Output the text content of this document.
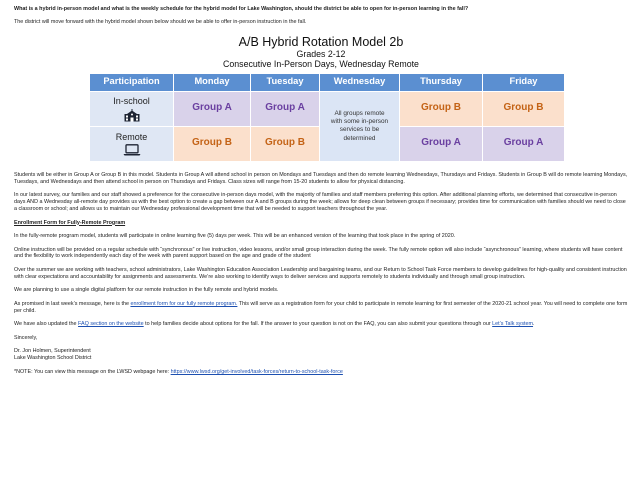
What is a hybrid in-person model and what is the weekly schedule for the hybrid model for Lake Washington, should the district be able to open for in-person learning in the fall?

The district will move forward with the hybrid model shown below should we be able to offer in-person instruction in the fall.

A/B Hybrid Rotation Model 2b
Grades 2-12
Consecutive In-Person Days, Wednesday Remote
Participation	Monday	Tuesday	Wednesday	Thursday	Friday

In-school	Group A	Group A	All groups remote with some in-person services to be determined	Group B	Group B

Remote	Group B	Group B		Group A	Group A

Students will be either in Group A or Group B in this model. Students in Group A will attend school in person on Mondays and Tuesdays and then do remote learning Wednesdays, Thursdays and Fridays. Students in Group B will do remote learning Mondays, Tuesdays, and Wednesdays and then attend school in person on Thursdays and Fridays. Class sizes will range from 15-20 students to allow for physical distancing.

In our latest survey, our families and our staff showed a preference for the consecutive in-person days model, with the majority of families and staff members preferring this option. After additional planning efforts, we determined that consecutive in-person days AND a Wednesday all-remote day provides us with the best option to create a gap between our A and B groups during the week; allows for deep clean between groups if necessary; provides time for communication with families should we need to close a classroom or school; and allows us to maintain our Wednesday professional development time that will be needed to support teachers throughout the year.

Enrollment Form for Fully-Remote Program

In the fully-remote program model, students will participate in online learning five (5) days per week. This will be an enhanced version of the learning that took place in the spring of 2020.

Online instruction will be provided on a regular schedule with “synchronous” or live instruction, video lessons, and/or small group interaction during the week. The fully remote option will also include “asynchronous” learning, where students will have content and the flexibility to work independently each day of the week with parent support based on the age and grade of the student

Over the summer we are working with teachers, school administrators, Lake Washington Education Association Leadership and bargaining teams, and our Return to School Task Force members to develop guidelines for high-quality and consistent instruction with clear expectations and accountability for assignments and assessments. We’re also working to identify ways to deliver services and supports remotely to students individually and through small group instruction.

We are planning to use a single digital platform for our remote instruction in the fully remote and hybrid models.

As promised in last week’s message, here is the enrollment form for our fully remote program. This will serve as a registration form for your child to participate in remote learning for first semester of the 2020-21 school year. You will need to complete one form per child.

We have also updated the FAQ section on the website to help families decide about options for the fall. If the answer to your question is not on the FAQ, you can also submit your questions through our Let’s Talk system.

Sincerely,

Dr. Jon Holmen, Superintendent

Lake Washington School District

*NOTE: You can view this message on the LWSD webpage here: https://www.lwsd.org/get-involved/task-forces/return-to-school-task-force
